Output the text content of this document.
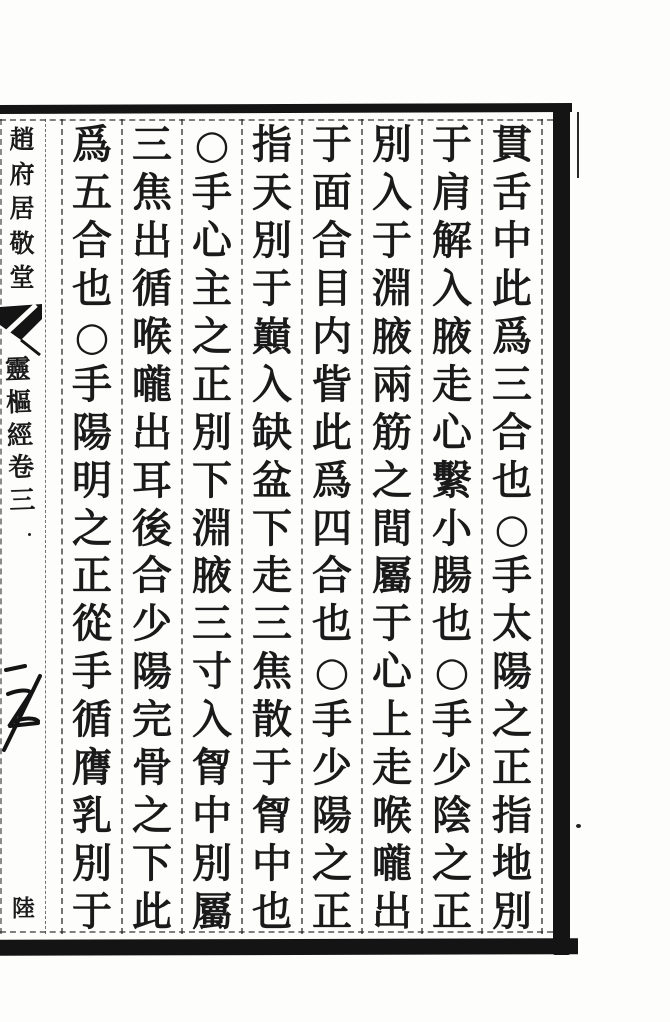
貫
舌
中
此
爲
三
合
也
○
手
太
陽
之
正
指
地
別
于
肩
解
入
腋
走
心
繫
小
腸
也
○
手
少
陰
之
正
別
入
于
淵
腋
兩
筋
之
間
屬
于
心
上
走
喉
嚨
出
于
面
合
目
内
眥
此
爲
四
合
也
○
手
少
陽
之
正
指
天
別
于
巔
入
缺
盆
下
走
三
焦
散
于
胷
中
也
○
手
心
主
之
正
別
下
淵
腋
三
寸
入
胷
中
別
屬
三
焦
出
循
喉
嚨
出
耳
後
合
少
陽
完
骨
之
下
此
爲
五
合
也
○
手
陽
明
之
正
從
手
循
膺
乳
別
于
趙
府
居
敬
堂
靈
樞
經
卷
三
陸
